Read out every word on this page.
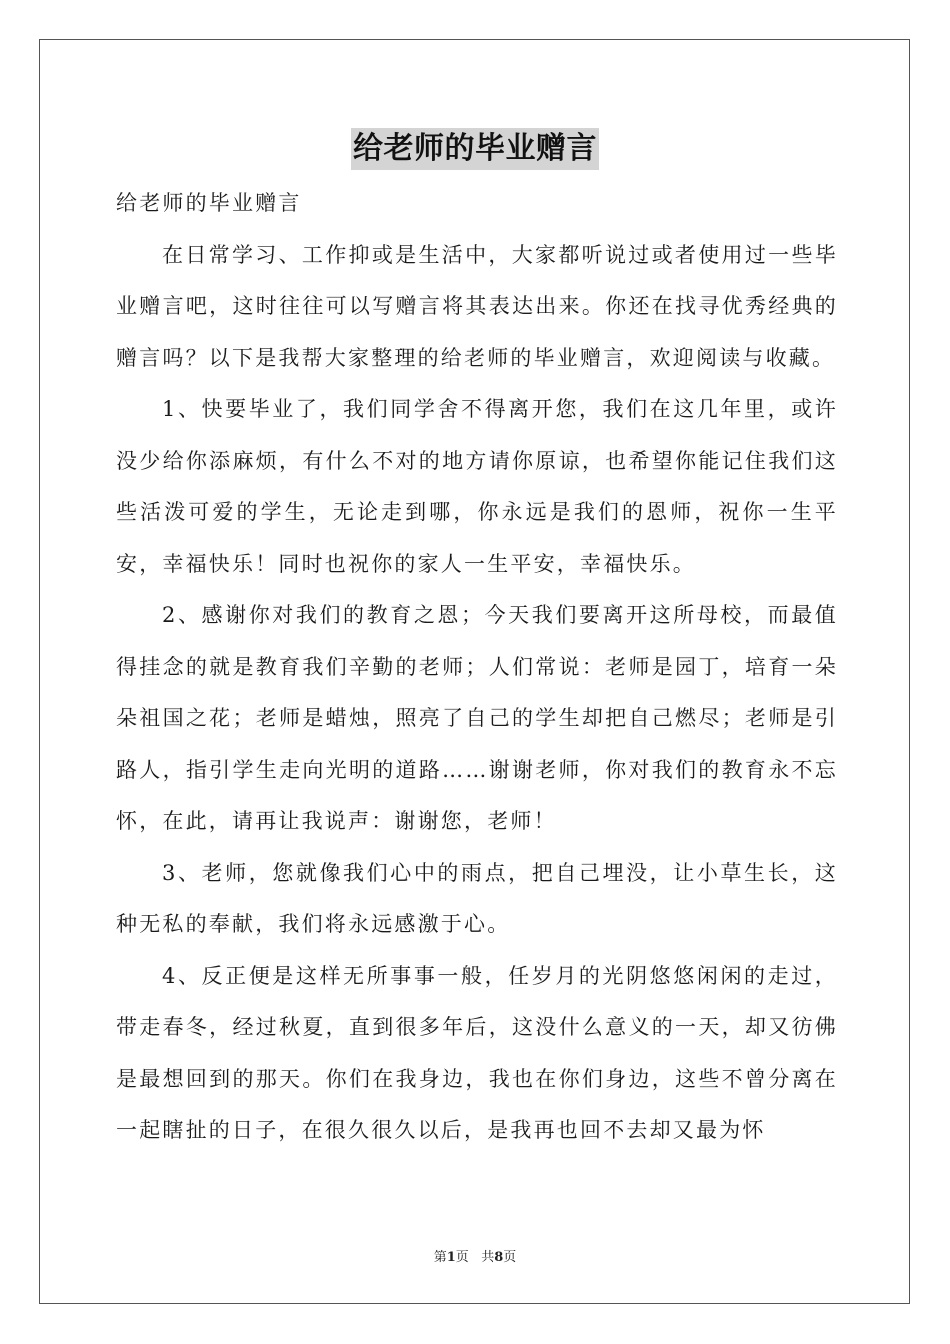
给老师的毕业赠言

给老师的毕业赠言

在日常学习、工作抑或是生活中，大家都听说过或者使用过一些毕业赠言吧，这时往往可以写赠言将其表达出来。你还在找寻优秀经典的赠言吗？以下是我帮大家整理的给老师的毕业赠言，欢迎阅读与收藏。

1、快要毕业了，我们同学舍不得离开您，我们在这几年里，或许没少给你添麻烦，有什么不对的地方请你原谅，也希望你能记住我们这些活泼可爱的学生，无论走到哪，你永远是我们的恩师，祝你一生平安，幸福快乐！同时也祝你的家人一生平安，幸福快乐。

2、感谢你对我们的教育之恩；今天我们要离开这所母校，而最值得挂念的就是教育我们辛勤的老师；人们常说：老师是园丁，培育一朵朵祖国之花；老师是蜡烛，照亮了自己的学生却把自己燃尽；老师是引路人，指引学生走向光明的道路……谢谢老师，你对我们的教育永不忘怀，在此，请再让我说声：谢谢您，老师！

3、老师，您就像我们心中的雨点，把自己埋没，让小草生长，这种无私的奉献，我们将永远感激于心。

4、反正便是这样无所事事一般，任岁月的光阴悠悠闲闲的走过，带走春冬，经过秋夏，直到很多年后，这没什么意义的一天，却又彷佛是最想回到的那天。你们在我身边，我也在你们身边，这些不曾分离在一起瞎扯的日子，在很久很久以后，是我再也回不去却又最为怀

第1页 共8页
